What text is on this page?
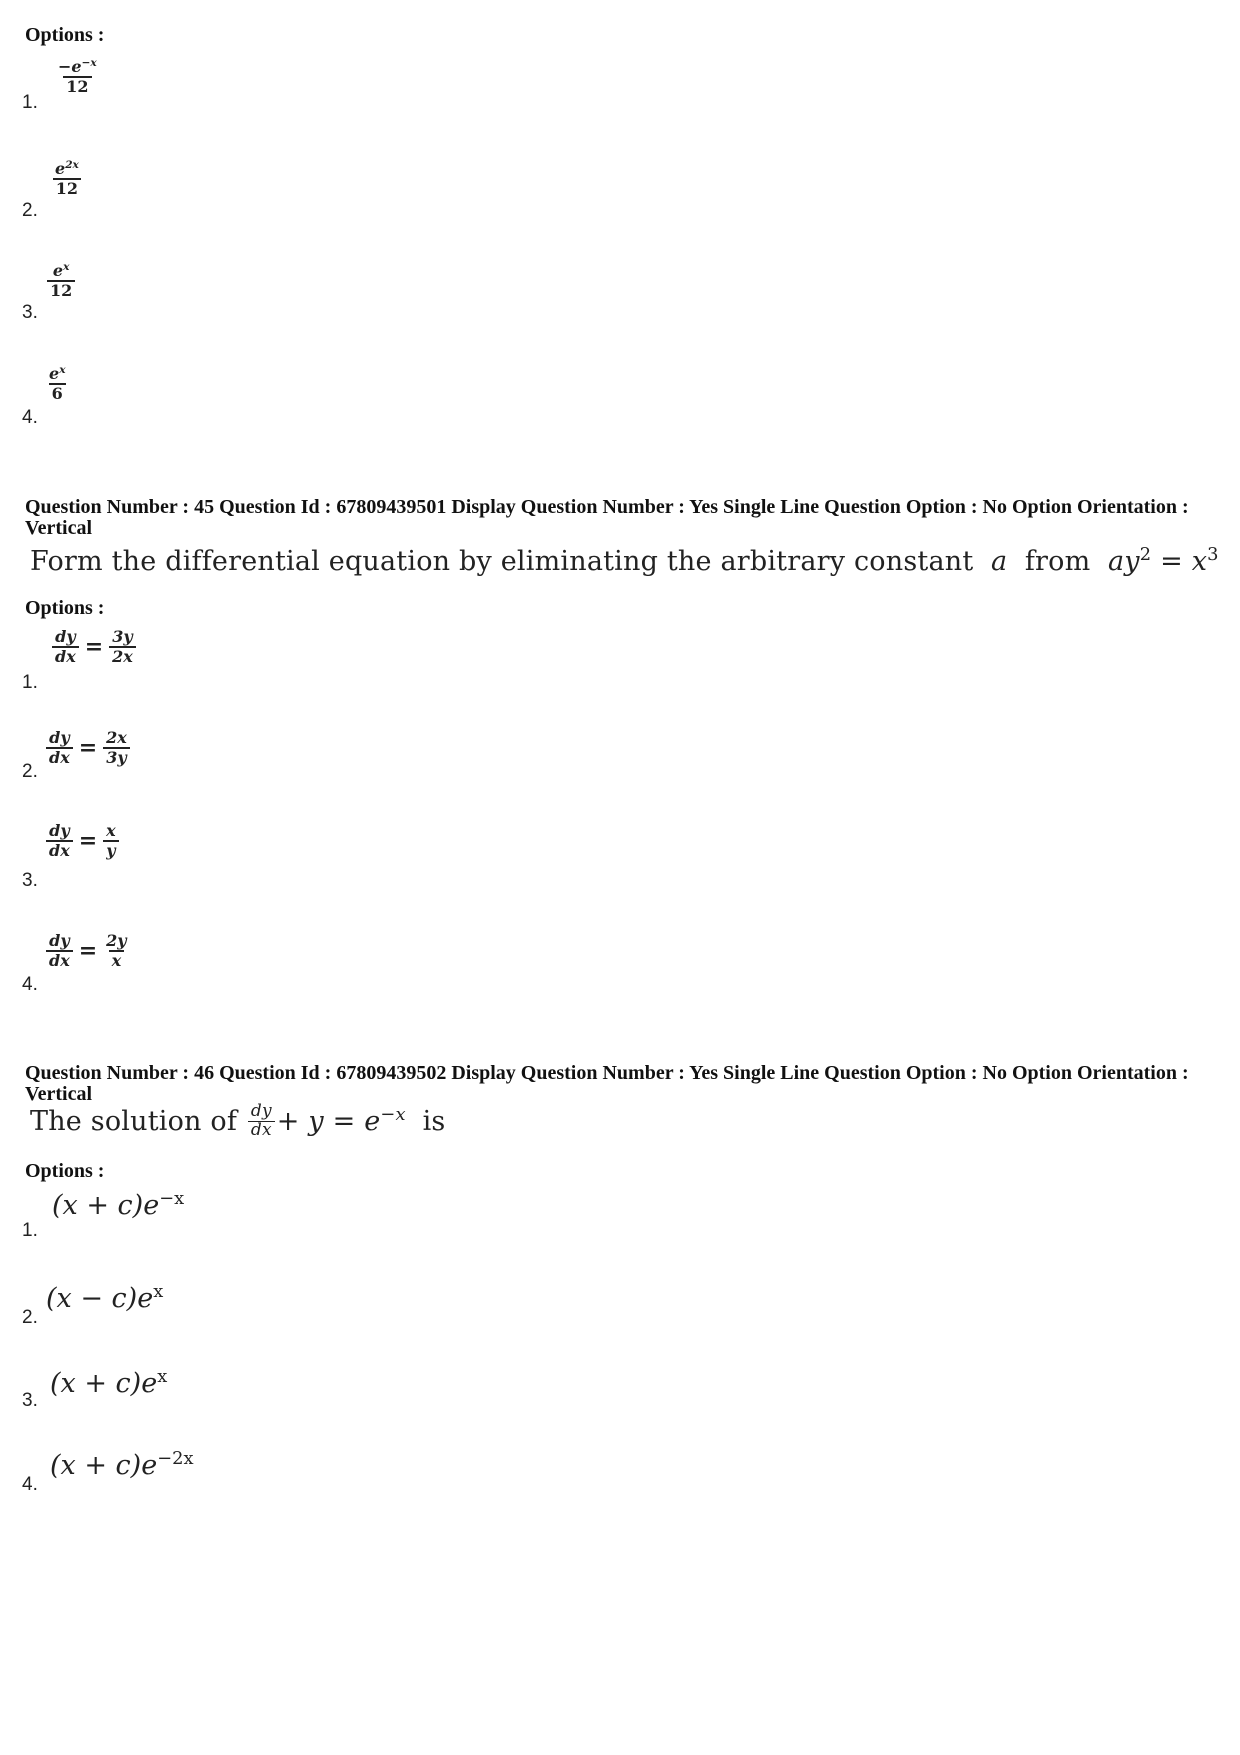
Options :
1.
$\frac{-e^{-x}}{12}$
2.
$\frac{e^{2x}}{12}$
3.
$\frac{e^x}{12}$
4.
$\frac{e^x}{6}$
Question Number : 45 Question Id : 67809439501 Display Question Number : Yes Single Line Question Option : No Option Orientation : Vertical
Form the differential equation by eliminating the arbitrary constant a from $ay^2 = x^3$
Options :
1.
$\frac{dy}{dx} = \frac{3y}{2x}$
2.
$\frac{dy}{dx} = \frac{2x}{3y}$
3.
$\frac{dy}{dx} = \frac{x}{y}$
4.
$\frac{dy}{dx} = \frac{2y}{x}$
Question Number : 46 Question Id : 67809439502 Display Question Number : Yes Single Line Question Option : No Option Orientation : Vertical
The solution of $\frac{dy}{dx} + y = e^{-x}$ is
Options :
1.
$(x + c)e^{-x}$
2.
$(x - c)e^x$
3.
$(x + c)e^x$
4.
$(x + c)e^{-2x}$
